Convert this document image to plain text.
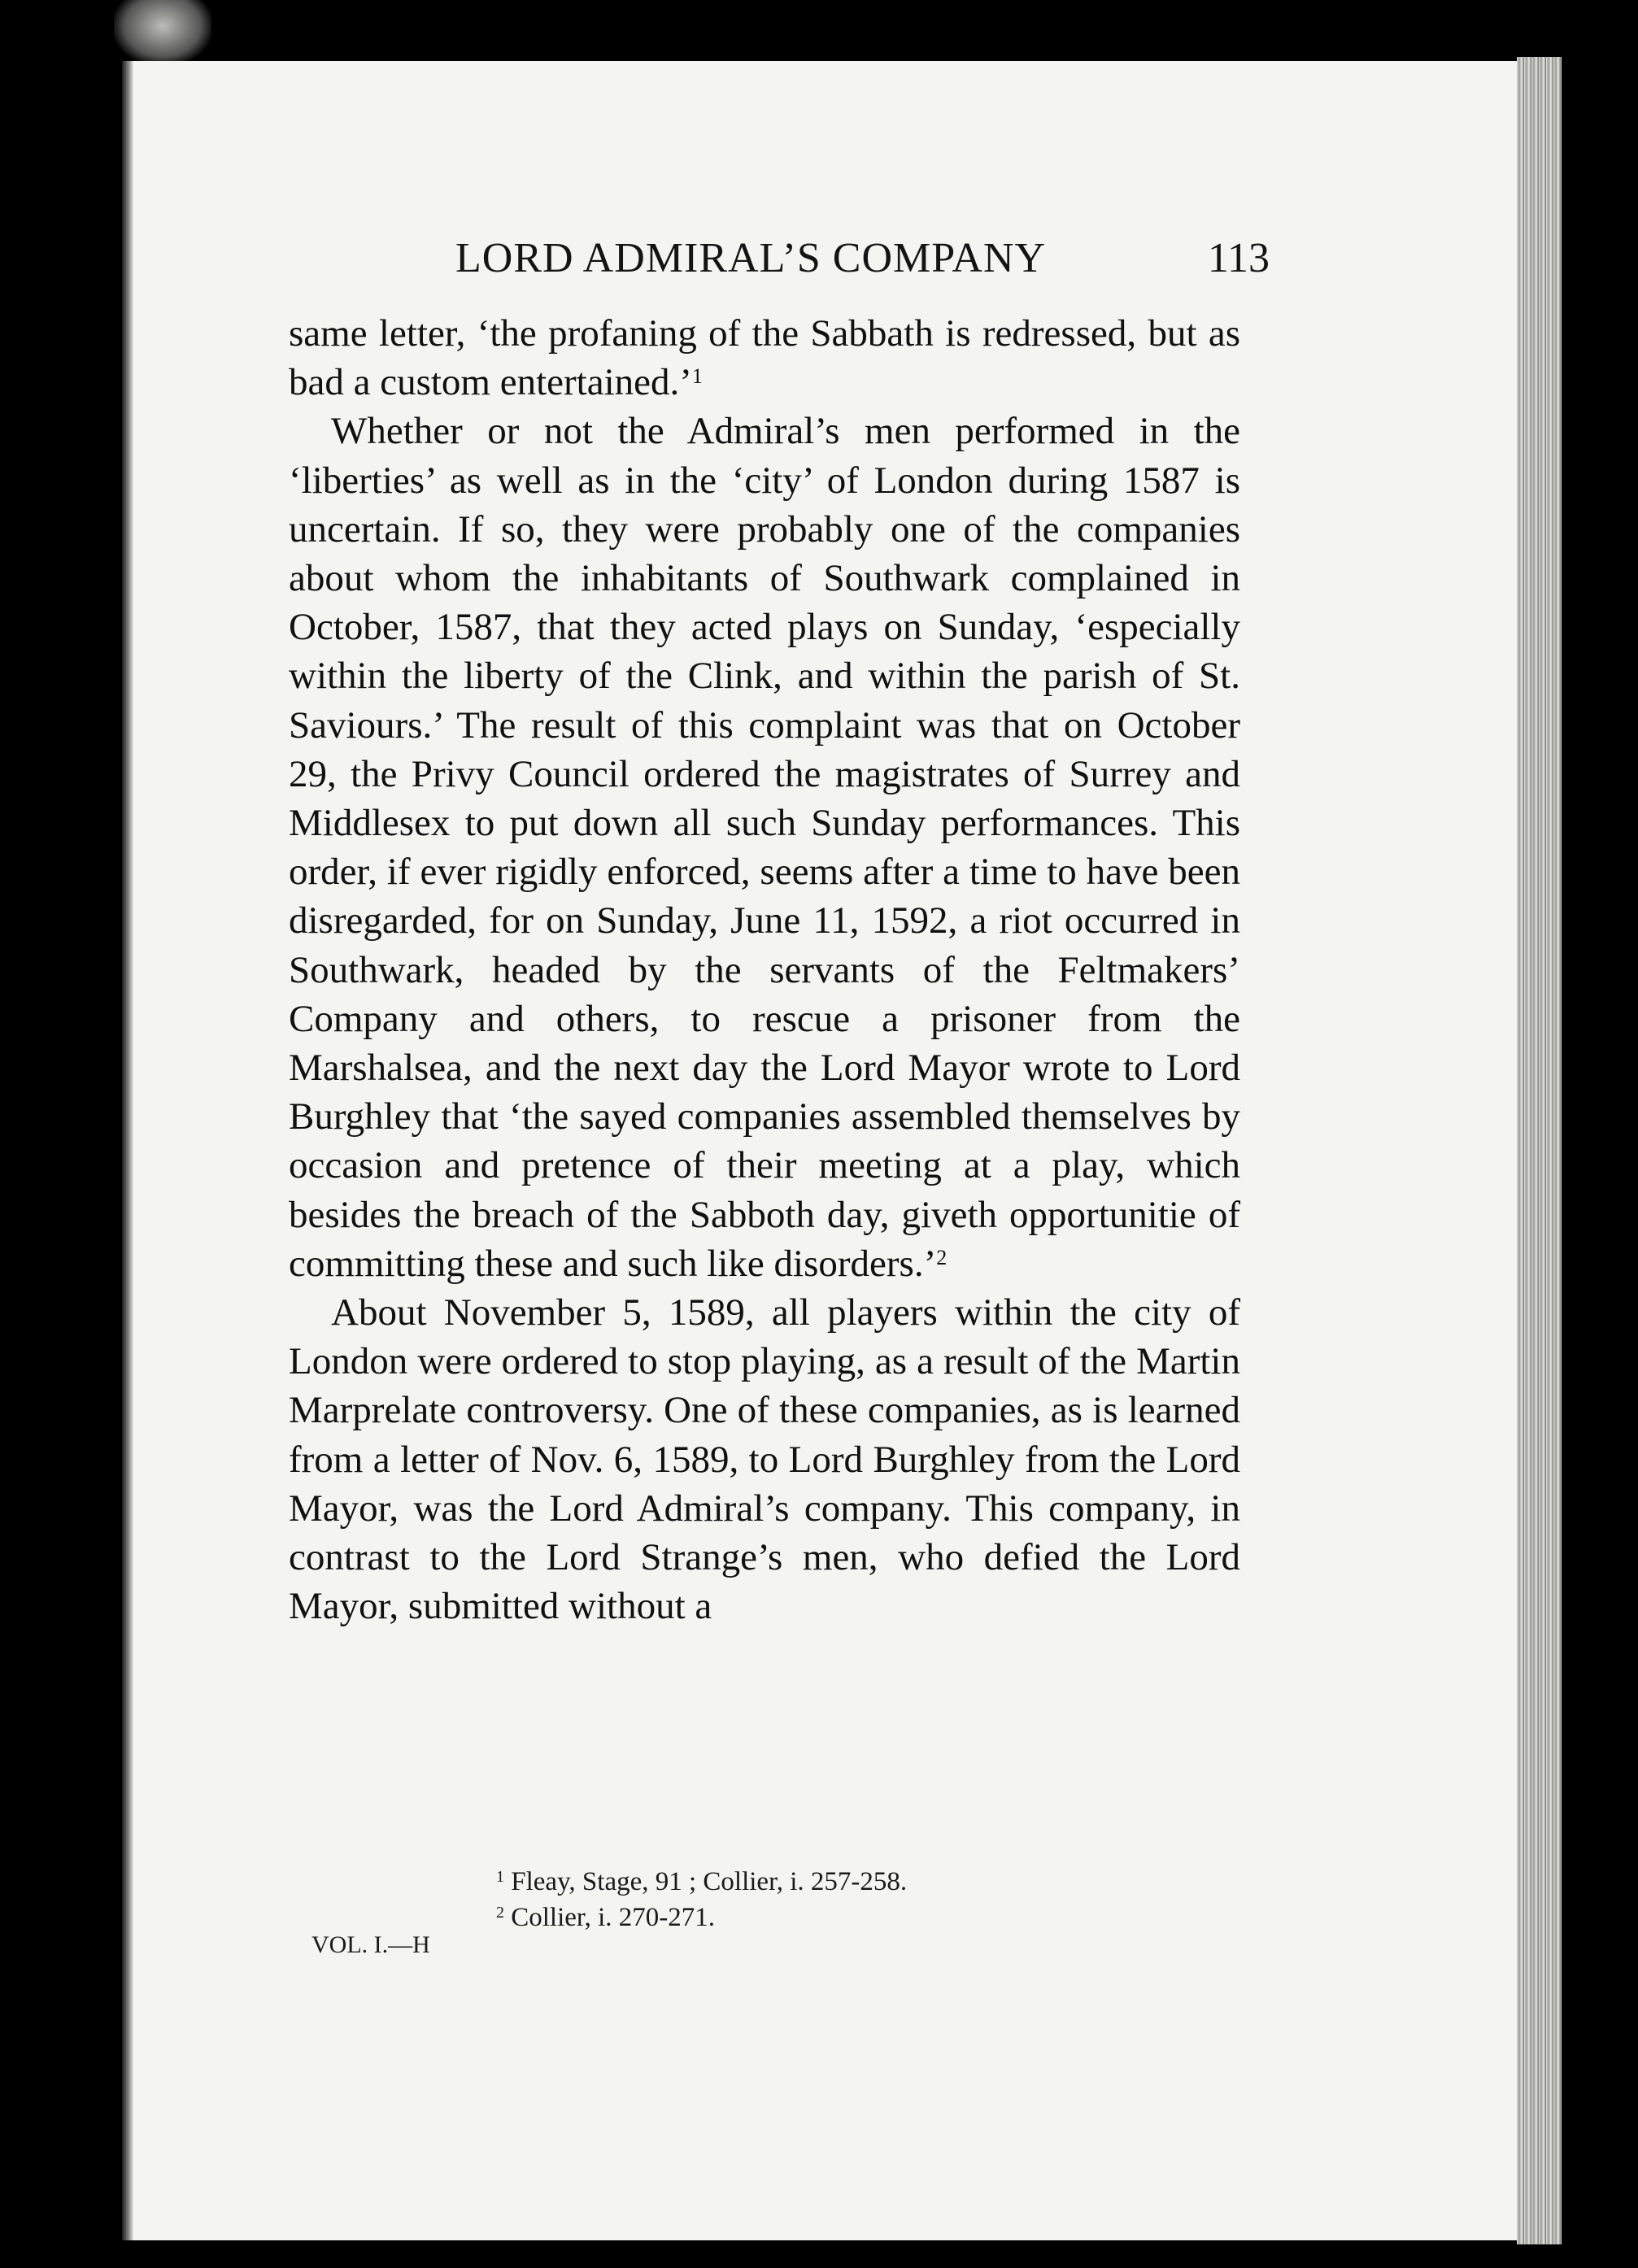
LORD ADMIRAL’S COMPANY	113

same letter, ‘the profaning of the Sabbath is redressed, but as bad a custom entertained.’$^1$

Whether or not the Admiral’s men performed in the ‘liberties’ as well as in the ‘city’ of London during 1587 is uncertain. If so, they were probably one of the companies about whom the inhabitants of Southwark complained in October, 1587, that they acted plays on Sunday, ‘especially within the liberty of the Clink, and within the parish of St. Saviours.’ The result of this complaint was that on October 29, the Privy Council ordered the magistrates of Surrey and Middlesex to put down all such Sunday performances. This order, if ever rigidly enforced, seems after a time to have been disregarded, for on Sunday, June 11, 1592, a riot occurred in Southwark, headed by the servants of the Feltmakers’ Company and others, to rescue a prisoner from the Marshalsea, and the next day the Lord Mayor wrote to Lord Burghley that ‘the sayed companies assembled themselves by occasion and pretence of their meeting at a play, which besides the breach of the Sabboth day, giveth opportunitie of committing these and such like disorders.’$^2$

About November 5, 1589, all players within the city of London were ordered to stop playing, as a result of the Martin Marprelate controversy. One of these companies, as is learned from a letter of Nov. 6, 1589, to Lord Burghley from the Lord Mayor, was the Lord Admiral’s company. This company, in contrast to the Lord Strange’s men, who defied the Lord Mayor, submitted without a

$^1$ Fleay, Stage, 91 ; Collier, i. 257-258.
$^2$ Collier, i. 270-271.
VOL. I.—H
